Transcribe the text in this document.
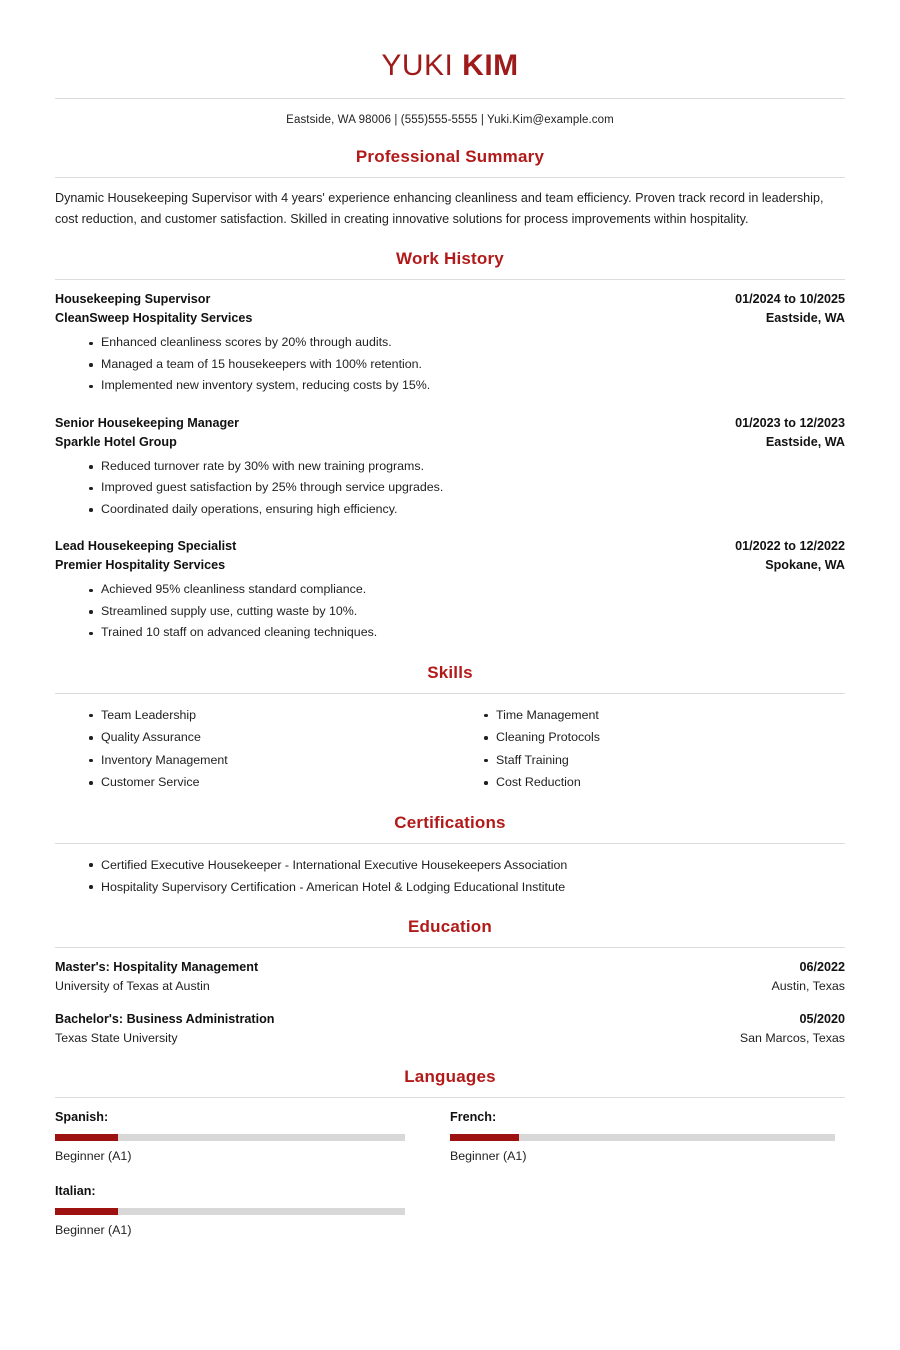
YUKI KIM
Eastside, WA 98006 | (555)555-5555 | Yuki.Kim@example.com
Professional Summary
Dynamic Housekeeping Supervisor with 4 years' experience enhancing cleanliness and team efficiency. Proven track record in leadership, cost reduction, and customer satisfaction. Skilled in creating innovative solutions for process improvements within hospitality.
Work History
Housekeeping Supervisor	01/2024 to 10/2025
CleanSweep Hospitality Services	Eastside, WA
Enhanced cleanliness scores by 20% through audits.
Managed a team of 15 housekeepers with 100% retention.
Implemented new inventory system, reducing costs by 15%.
Senior Housekeeping Manager	01/2023 to 12/2023
Sparkle Hotel Group	Eastside, WA
Reduced turnover rate by 30% with new training programs.
Improved guest satisfaction by 25% through service upgrades.
Coordinated daily operations, ensuring high efficiency.
Lead Housekeeping Specialist	01/2022 to 12/2022
Premier Hospitality Services	Spokane, WA
Achieved 95% cleanliness standard compliance.
Streamlined supply use, cutting waste by 10%.
Trained 10 staff on advanced cleaning techniques.
Skills
Team Leadership
Quality Assurance
Inventory Management
Customer Service
Time Management
Cleaning Protocols
Staff Training
Cost Reduction
Certifications
Certified Executive Housekeeper - International Executive Housekeepers Association
Hospitality Supervisory Certification - American Hotel & Lodging Educational Institute
Education
Master's: Hospitality Management	06/2022
University of Texas at Austin	Austin, Texas
Bachelor's: Business Administration	05/2020
Texas State University	San Marcos, Texas
Languages
Spanish:
Beginner (A1)
French:
Beginner (A1)
Italian:
Beginner (A1)
